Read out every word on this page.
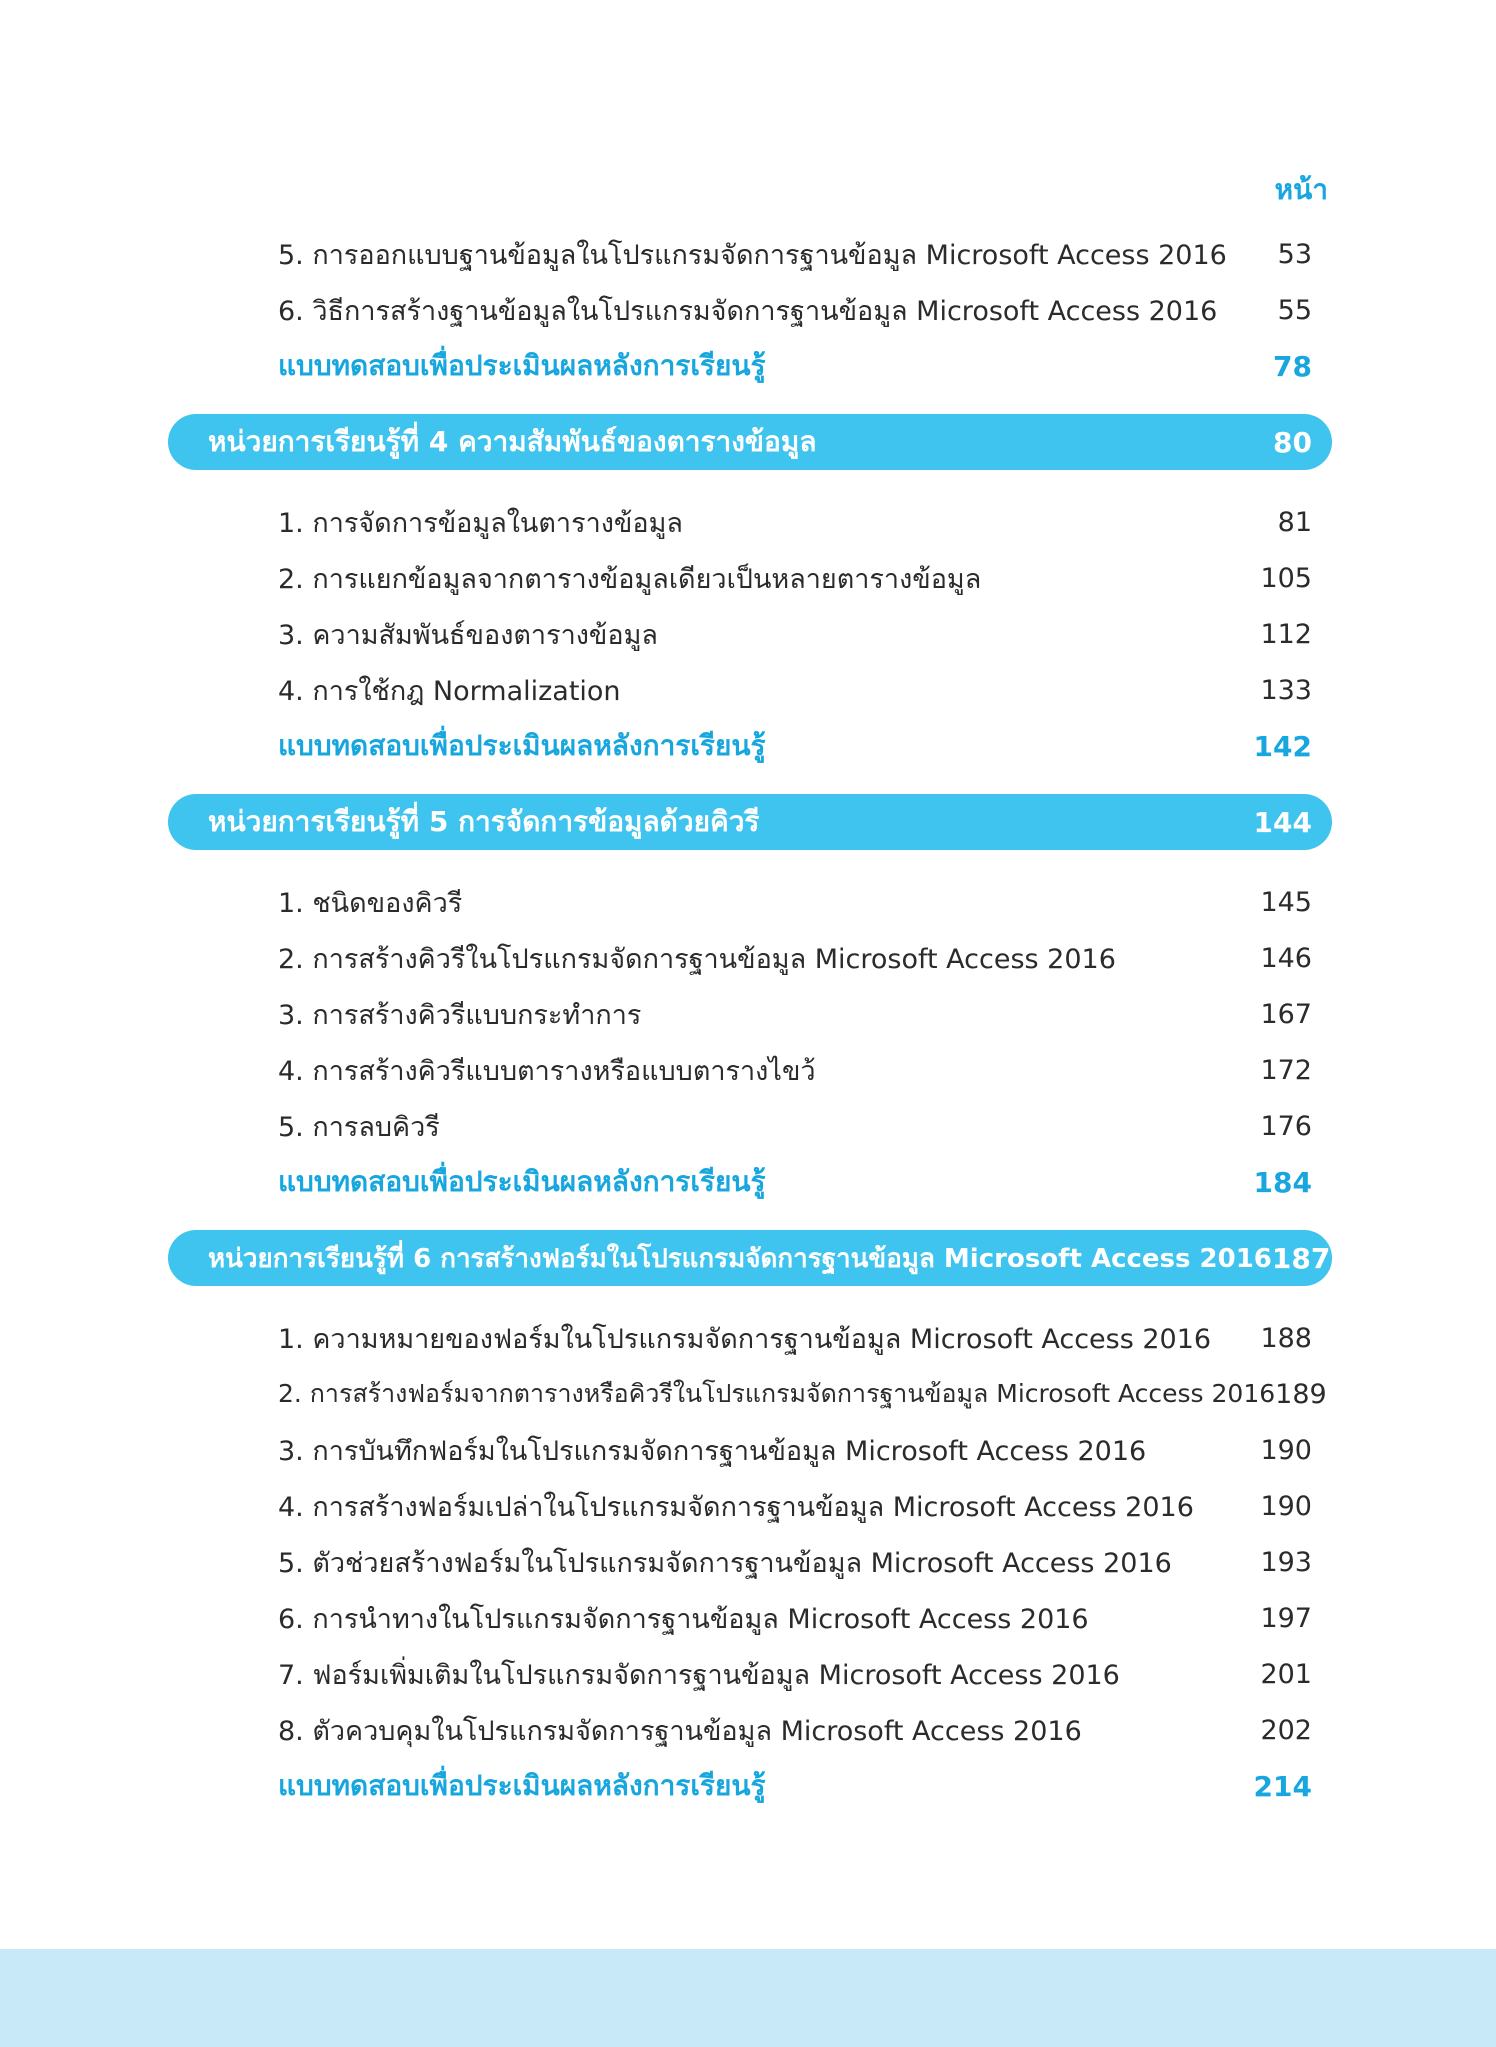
หน้า
5. การออกแบบฐานข้อมูลในโปรแกรมจัดการฐานข้อมูล Microsoft Access 2016 53
6. วิธีการสร้างฐานข้อมูลในโปรแกรมจัดการฐานข้อมูล Microsoft Access 2016 55
แบบทดสอบเพื่อประเมินผลหลังการเรียนรู้	78
หน่วยการเรียนรู้ที่ 4 ความสัมพันธ์ของตารางข้อมูล	80
1. การจัดการข้อมูลในตารางข้อมูล	81
2. การแยกข้อมูลจากตารางข้อมูลเดียวเป็นหลายตารางข้อมูล	105
3. ความสัมพันธ์ของตารางข้อมูล	112
4. การใช้กฎ Normalization	133
แบบทดสอบเพื่อประเมินผลหลังการเรียนรู้	142
หน่วยการเรียนรู้ที่ 5 การจัดการข้อมูลด้วยคิวรี	144
1. ชนิดของคิวรี	145
2. การสร้างคิวรีในโปรแกรมจัดการฐานข้อมูล Microsoft Access 2016	146
3. การสร้างคิวรีแบบกระทำการ	167
4. การสร้างคิวรีแบบตารางหรือแบบตารางไขว้	172
5. การลบคิวรี	176
แบบทดสอบเพื่อประเมินผลหลังการเรียนรู้	184
หน่วยการเรียนรู้ที่ 6 การสร้างฟอร์มในโปรแกรมจัดการฐานข้อมูล Microsoft Access 2016 187
1. ความหมายของฟอร์มในโปรแกรมจัดการฐานข้อมูล Microsoft Access 2016 188
2. การสร้างฟอร์มจากตารางหรือคิวรีในโปรแกรมจัดการฐานข้อมูล Microsoft Access 2016 189
3. การบันทึกฟอร์มในโปรแกรมจัดการฐานข้อมูล Microsoft Access 2016	190
4. การสร้างฟอร์มเปล่าในโปรแกรมจัดการฐานข้อมูล Microsoft Access 2016 190
5. ตัวช่วยสร้างฟอร์มในโปรแกรมจัดการฐานข้อมูล Microsoft Access 2016	193
6. การนำทางในโปรแกรมจัดการฐานข้อมูล Microsoft Access 2016	197
7. ฟอร์มเพิ่มเติมในโปรแกรมจัดการฐานข้อมูล Microsoft Access 2016	201
8. ตัวควบคุมในโปรแกรมจัดการฐานข้อมูล Microsoft Access 2016	202
แบบทดสอบเพื่อประเมินผลหลังการเรียนรู้	214
